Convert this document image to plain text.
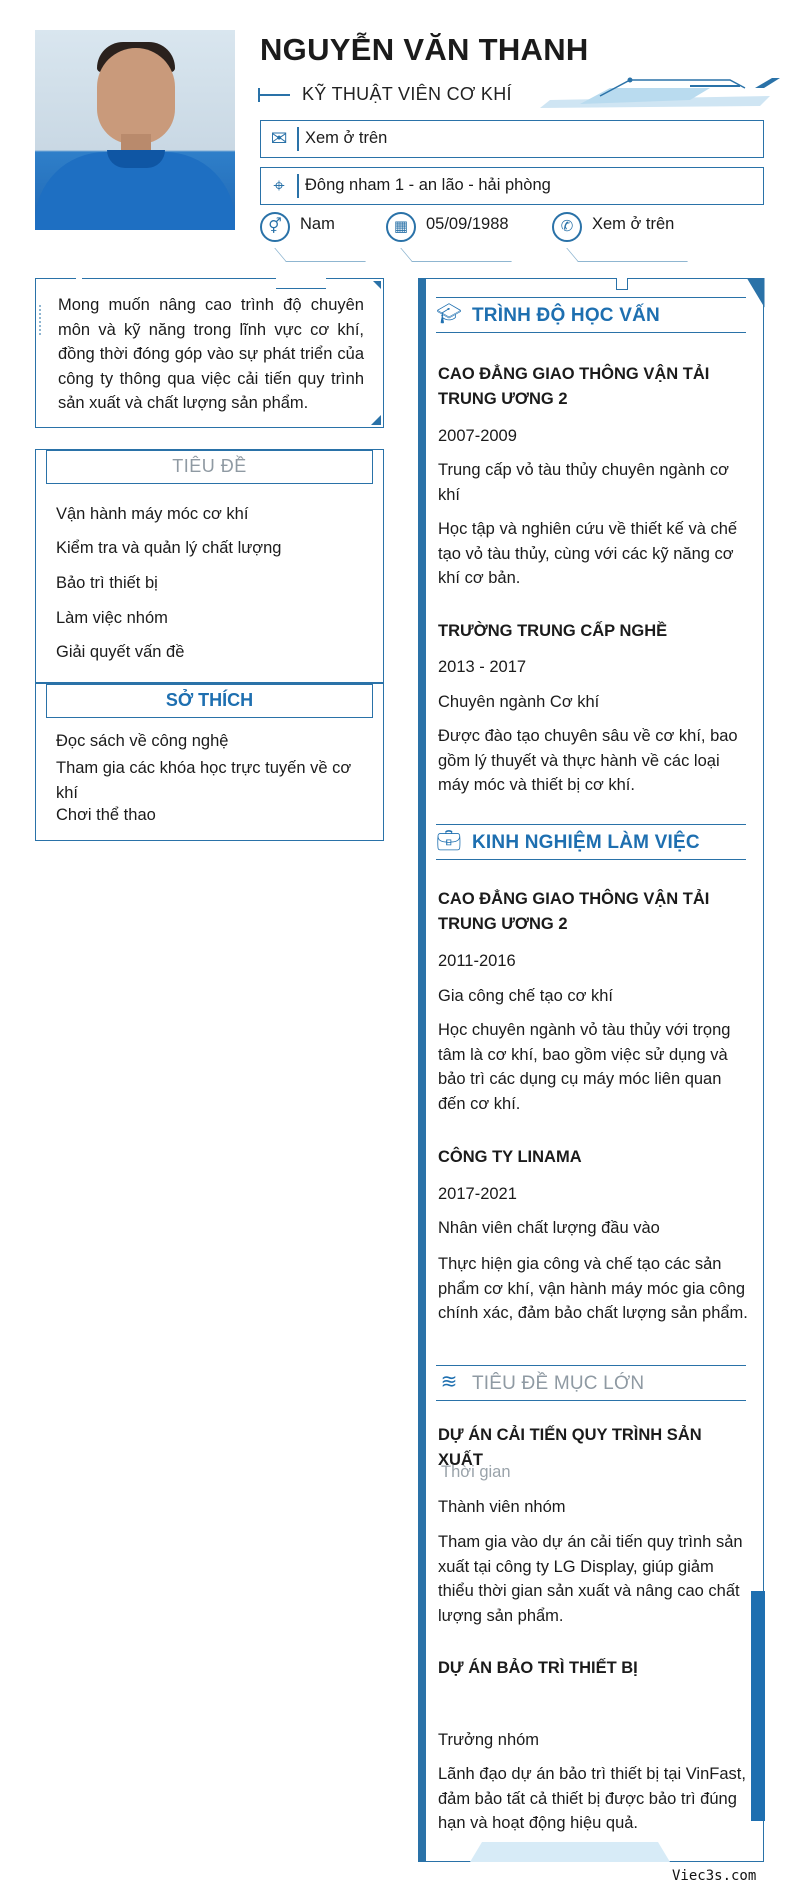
NGUYỄN VĂN THANH
KỸ THUẬT VIÊN CƠ KHÍ
✉ Xem ở trên
⌖	Đông nham 1 - an lão - hải phòng
⚥	Nam	▦	05/09/1988	✆	Xem ở trên
Mong muốn nâng cao trình độ chuyên môn và kỹ năng trong lĩnh vực cơ khí, đồng thời đóng góp vào sự phát triển của công ty thông qua việc cải tiến quy trình sản xuất và chất lượng sản phẩm.
TIÊU ĐỀ
Vận hành máy móc cơ khí
Kiểm tra và quản lý chất lượng
Bảo trì thiết bị
Làm việc nhóm
Giải quyết vấn đề
SỞ THÍCH
Đọc sách về công nghệ
Tham gia các khóa học trực tuyến về cơ khí
Chơi thể thao
🎓︎ TRÌNH ĐỘ HỌC VẤN
CAO ĐẲNG GIAO THÔNG VẬN TẢI TRUNG ƯƠNG 2
2007-2009
Trung cấp vỏ tàu thủy chuyên ngành cơ khí
Học tập và nghiên cứu về thiết kế và chế tạo vỏ tàu thủy, cùng với các kỹ năng cơ khí cơ bản.
TRƯỜNG TRUNG CẤP NGHỀ
2013 - 2017
Chuyên ngành Cơ khí
Được đào tạo chuyên sâu về cơ khí, bao gồm lý thuyết và thực hành về các loại máy móc và thiết bị cơ khí.
💼︎ KINH NGHIỆM LÀM VIỆC
CAO ĐẲNG GIAO THÔNG VẬN TẢI TRUNG ƯƠNG 2
2011-2016
Gia công chế tạo cơ khí
Học chuyên ngành vỏ tàu thủy với trọng tâm là cơ khí, bao gồm việc sử dụng và bảo trì các dụng cụ máy móc liên quan đến cơ khí.
CÔNG TY LINAMA
2017-2021
Nhân viên chất lượng đầu vào
Thực hiện gia công và chế tạo các sản phẩm cơ khí, vận hành máy móc gia công chính xác, đảm bảo chất lượng sản phẩm.
≋ TIÊU ĐỀ MỤC LỚN
DỰ ÁN CẢI TIẾN QUY TRÌNH SẢN XUẤT
Thời gian
Thành viên nhóm
Tham gia vào dự án cải tiến quy trình sản xuất tại công ty LG Display, giúp giảm thiểu thời gian sản xuất và nâng cao chất lượng sản phẩm.
DỰ ÁN BẢO TRÌ THIẾT BỊ
Trưởng nhóm
Lãnh đạo dự án bảo trì thiết bị tại VinFast, đảm bảo tất cả thiết bị được bảo trì đúng hạn và hoạt động hiệu quả.
Viec3s.com
